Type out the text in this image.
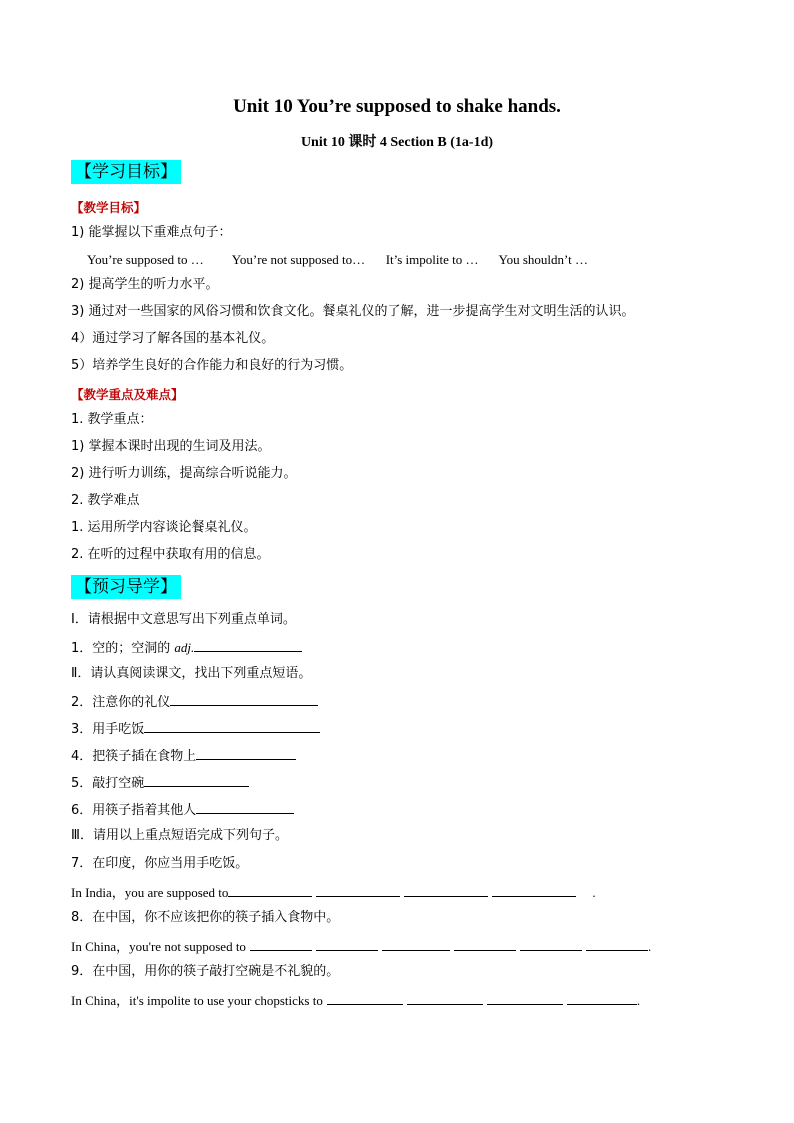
Unit 10 You’re supposed to shake hands.
Unit 10 课时 4 Section B (1a-1d)
【学习目标】
【教学目标】
1) 能掌握以下重难点句子：
You’re supposed to … You’re not supposed to… It’s impolite to … You shouldn’t …
2) 提高学生的听力水平。
3) 通过对一些国家的风俗习惯和饮食文化。餐桌礼仪的了解，进一步提高学生对文明生活的认识。
4）通过学习了解各国的基本礼仪。
5）培养学生良好的合作能力和良好的行为习惯。
【教学重点及难点】
1. 教学重点：
1) 掌握本课时出现的生词及用法。
2) 进行听力训练，提高综合听说能力。
2. 教学难点
1. 运用所学内容谈论餐桌礼仪。
2. 在听的过程中获取有用的信息。
【预习导学】
Ⅰ．请根据中文意思写出下列重点单词。
1．空的；空洞的 adj.
Ⅱ．请认真阅读课文，找出下列重点短语。
2．注意你的礼仪
3．用手吃饭
4．把筷子插在食物上
5．敲打空碗
6．用筷子指着其他人
Ⅲ．请用以上重点短语完成下列句子。
7．在印度，你应当用手吃饭。
In India，you are supposed to	.
8．在中国，你不应该把你的筷子插入食物中。
In China，you're not supposed to	.
9．在中国，用你的筷子敲打空碗是不礼貌的。
In China，it's impolite to use your chopsticks to	.
